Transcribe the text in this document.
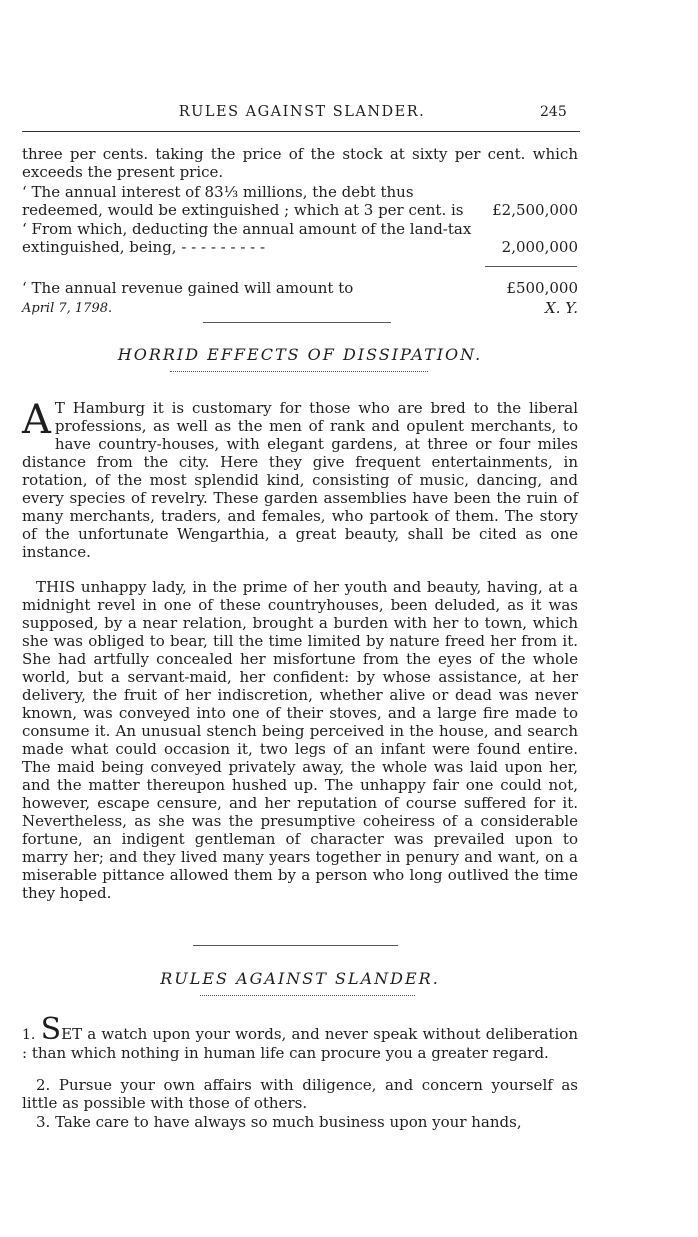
RULES AGAINST SLANDER.	245
three per cents. taking the price of the stock at sixty per cent. which exceeds the present price.
‘ The annual interest of 83⅓ millions, the debt thus redeemed, would be extinguished ; which at 3 per cent. is	£2,500,000
‘ From which, deducting the annual amount of the land-tax extinguished, being, - - - - - - - - -	2,000,000
‘ The annual revenue gained will amount to	£500,000
April 7, 1798.	X. Y.
HORRID EFFECTS OF DISSIPATION.
A T Hamburg it is customary for those who are bred to the liberal professions, as well as the men of rank and opulent merchants, to have country-houses, with elegant gardens, at three or four miles distance from the city. Here they give frequent entertainments, in rotation, of the most splendid kind, consisting of music, dancing, and every species of revelry. These garden assemblies have been the ruin of many merchants, traders, and females, who partook of them. The story of the unfortunate Wengarthia, a great beauty, shall be cited as one instance.
THIS unhappy lady, in the prime of her youth and beauty, having, at a midnight revel in one of these countryhouses, been deluded, as it was supposed, by a near relation, brought a burden with her to town, which she was obliged to bear, till the time limited by nature freed her from it. She had artfully concealed her misfortune from the eyes of the whole world, but a servant-maid, her confident: by whose assistance, at her delivery, the fruit of her indiscretion, whether alive or dead was never known, was conveyed into one of their stoves, and a large fire made to consume it. An unusual stench being perceived in the house, and search made what could occasion it, two legs of an infant were found entire. The maid being conveyed privately away, the whole was laid upon her, and the matter thereupon hushed up. The unhappy fair one could not, however, escape censure, and her reputation of course suffered for it. Nevertheless, as she was the presumptive coheiress of a considerable fortune, an indigent gentleman of character was prevailed upon to marry her; and they lived many years together in penury and want, on a miserable pittance allowed them by a person who long outlived the time they hoped.
RULES AGAINST SLANDER.
1. SET a watch upon your words, and never speak without deliberation : than which nothing in human life can procure you a greater regard.
2. Pursue your own affairs with diligence, and concern yourself as little as possible with those of others.
3. Take care to have always so much business upon your hands,
